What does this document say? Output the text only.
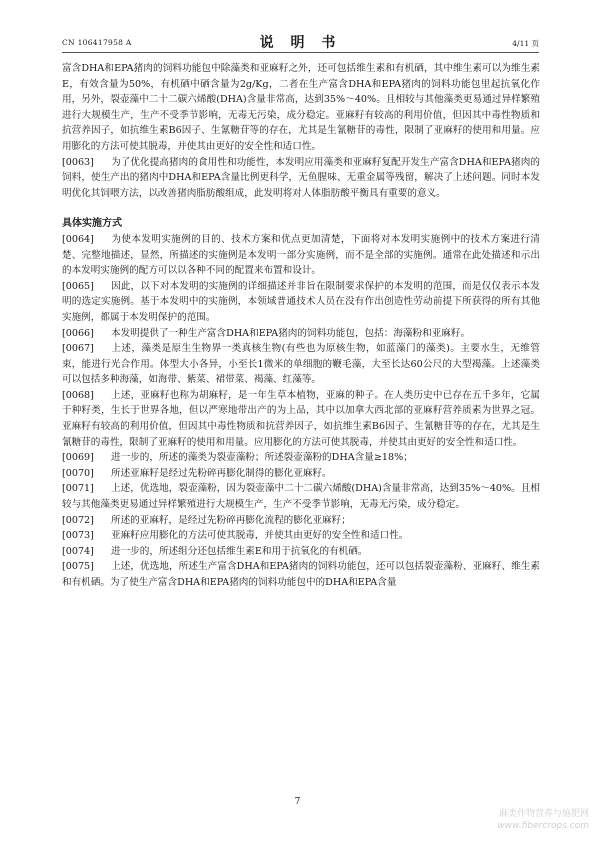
CN 106417958 A	说 明 书	4/11 页

富含DHA和EPA猪肉的饲料功能包中除藻类和亚麻籽之外，还可包括维生素和有机硒，其中维生素可以为维生素E，有效含量为50%，有机硒中硒含量为2g/Kg，二者在生产富含DHA和EPA猪肉的饲料功能包里起抗氧化作用，另外，裂壶藻中二十二碳六烯酸(DHA)含量非常高，达到35%～40%。且相较与其他藻类更易通过异样繁殖进行大规模生产，生产不受季节影响，无毒无污染，成分稳定。亚麻籽有较高的利用价值，但因其中毒性物质和抗营养因子，如抗维生素B6因子、生氰糖苷等的存在，尤其是生氰糖苷的毒性，限制了亚麻籽的使用和用量。应用膨化的方法可使其脱毒，并使其由更好的安全性和适口性。

[0063] 为了优化提高猪肉的食用性和功能性，本发明应用藻类和亚麻籽复配开发生产富含DHA和EPA猪肉的饲料，使生产出的猪肉中DHA和EPA含量比例更科学，无鱼腥味、无重金属等残留，解决了上述问题。同时本发明优化其饲喂方法，以改善猪肉脂肪酸组成，此发明将对人体脂肪酸平衡具有重要的意义。

具体实施方式

[0064] 为使本发明实施例的目的、技术方案和优点更加清楚，下面将对本发明实施例中的技术方案进行清楚、完整地描述，显然，所描述的实施例是本发明一部分实施例，而不是全部的实施例。通常在此处描述和示出的本发明实施例的配方可以以各种不同的配置来布置和设计。

[0065] 因此，以下对本发明的实施例的详细描述并非旨在限制要求保护的本发明的范围，而是仅仅表示本发明的选定实施例。基于本发明中的实施例，本领域普通技术人员在没有作出创造性劳动前提下所获得的所有其他实施例，都属于本发明保护的范围。

[0066] 本发明提供了一种生产富含DHA和EPA猪肉的饲料功能包，包括：海藻粉和亚麻籽。

[0067] 上述，藻类是原生生物界一类真核生物(有些也为原核生物，如蓝藻门的藻类)。主要水生，无维管束，能进行光合作用。体型大小各异，小至长1微米的单细胞的鞭毛藻，大至长达60公尺的大型褐藻。上述藻类可以包括多种海藻，如海带、紫菜、裙带菜、褐藻、红藻等。

[0068] 上述，亚麻籽也称为胡麻籽，是一年生草本植物，亚麻的种子。在人类历史中已存在五千多年，它属于种籽类，生长于世界各地，但以严寒地带出产的为上品，其中以加拿大西北部的亚麻籽营养质素为世界之冠。亚麻籽有较高的利用价值，但因其中毒性物质和抗营养因子，如抗维生素B6因子、生氰糖苷等的存在，尤其是生氰糖苷的毒性，限制了亚麻籽的使用和用量。应用膨化的方法可使其脱毒，并使其由更好的安全性和适口性。

[0069] 进一步的，所述的藻类为裂壶藻粉；所述裂壶藻粉的DHA含量≥18%；

[0070] 所述亚麻籽是经过先粉碎再膨化制得的膨化亚麻籽。

[0071] 上述，优选地，裂壶藻粉，因为裂壶藻中二十二碳六烯酸(DHA)含量非常高，达到35%～40%。且相较与其他藻类更易通过异样繁殖进行大规模生产，生产不受季节影响，无毒无污染，成分稳定。

[0072] 所述的亚麻籽，是经过先粉碎再膨化流程的膨化亚麻籽；

[0073] 亚麻籽应用膨化的方法可使其脱毒，并使其由更好的安全性和适口性。

[0074] 进一步的，所述组分还包括维生素E和用于抗氧化的有机硒。

[0075] 上述，优选地，所述生产富含DHA和EPA猪肉的饲料功能包，还可以包括裂壶藻粉、亚麻籽、维生素和有机硒。为了使生产富含DHA和EPA猪肉的饲料功能包中的DHA和EPA含量

7
麻类作物营养与施肥网
www.fibercrops.com
